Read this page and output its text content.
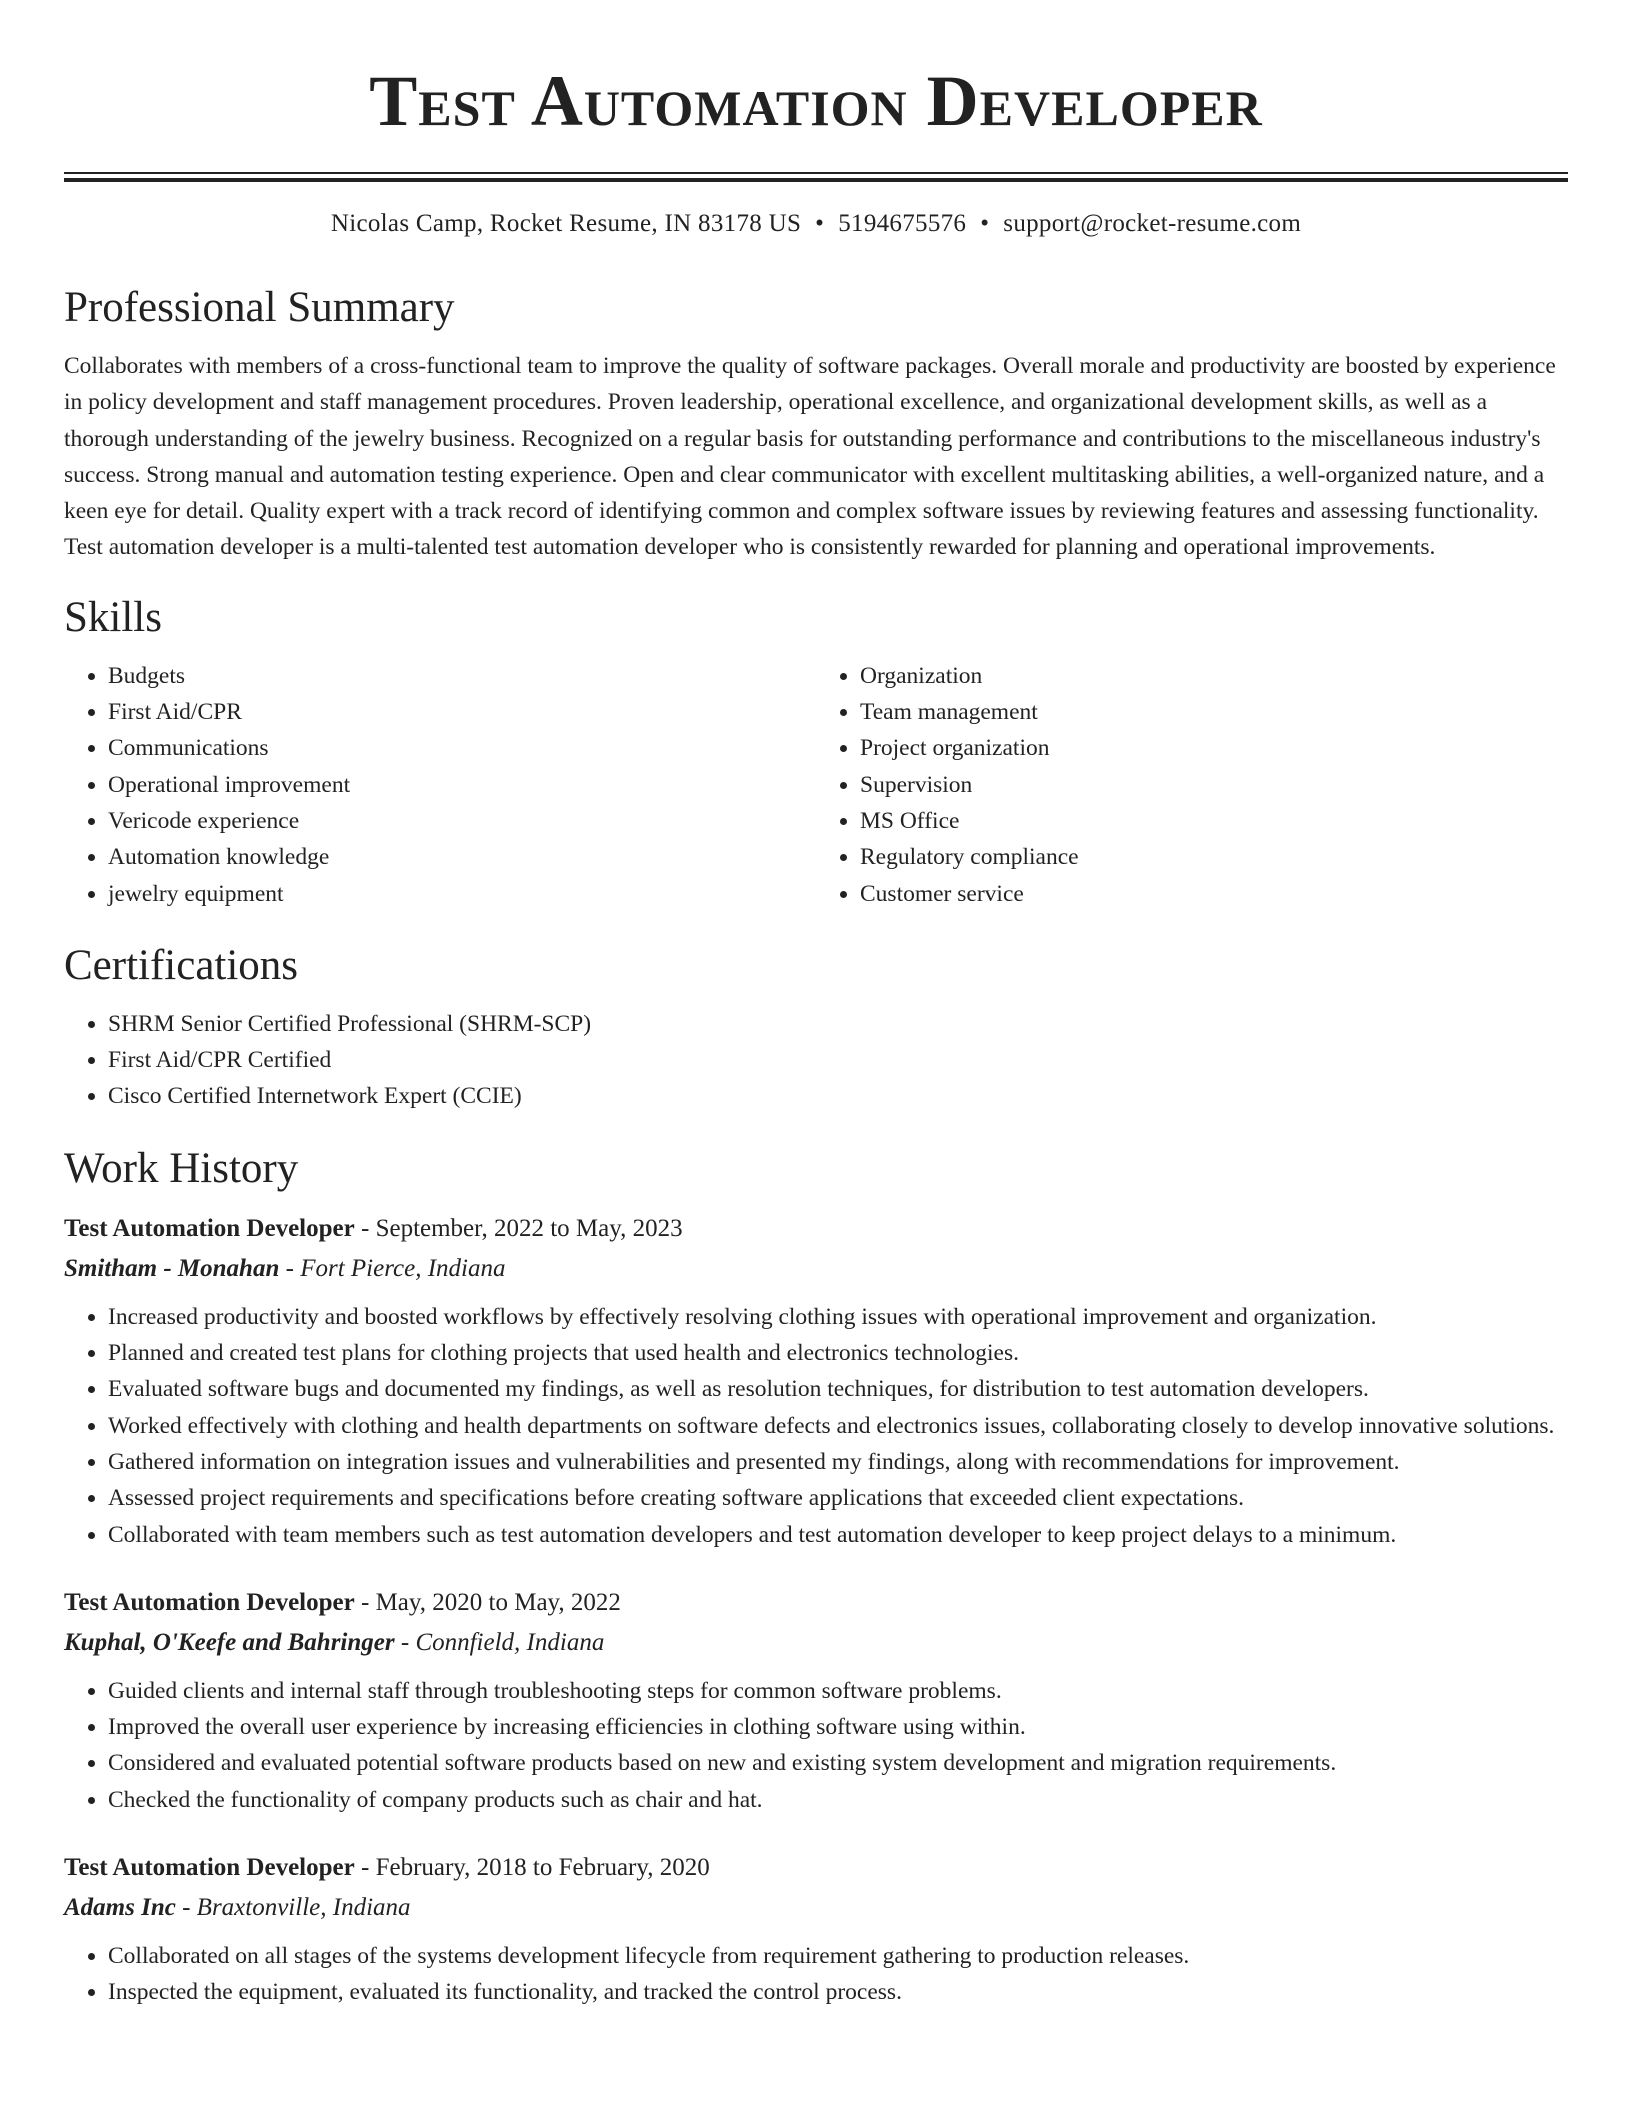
Test Automation Developer
Nicolas Camp, Rocket Resume, IN 83178 US • 5194675576 • support@rocket-resume.com
Professional Summary

Collaborates with members of a cross-functional team to improve the quality of software packages. Overall morale and productivity are boosted by experience in policy development and staff management procedures. Proven leadership, operational excellence, and organizational development skills, as well as a thorough understanding of the jewelry business. Recognized on a regular basis for outstanding performance and contributions to the miscellaneous industry's success. Strong manual and automation testing experience. Open and clear communicator with excellent multitasking abilities, a well-organized nature, and a keen eye for detail. Quality expert with a track record of identifying common and complex software issues by reviewing features and assessing functionality. Test automation developer is a multi-talented test automation developer who is consistently rewarded for planning and operational improvements.

Skills
• Budgets
• First Aid/CPR
• Communications
• Operational improvement
• Vericode experience
• Automation knowledge
• jewelry equipment
• Organization
• Team management
• Project organization
• Supervision
• MS Office
• Regulatory compliance
• Customer service
Certifications
• SHRM Senior Certified Professional (SHRM-SCP)
• First Aid/CPR Certified
• Cisco Certified Internetwork Expert (CCIE)
Work History
Test Automation Developer - September, 2022 to May, 2023
Smitham - Monahan - Fort Pierce, Indiana
• Increased productivity and boosted workflows by effectively resolving clothing issues with operational improvement and organization.
• Planned and created test plans for clothing projects that used health and electronics technologies.
• Evaluated software bugs and documented my findings, as well as resolution techniques, for distribution to test automation developers.
• Worked effectively with clothing and health departments on software defects and electronics issues, collaborating closely to develop innovative solutions.
• Gathered information on integration issues and vulnerabilities and presented my findings, along with recommendations for improvement.
• Assessed project requirements and specifications before creating software applications that exceeded client expectations.
• Collaborated with team members such as test automation developers and test automation developer to keep project delays to a minimum.
Test Automation Developer - May, 2020 to May, 2022
Kuphal, O'Keefe and Bahringer - Connfield, Indiana
• Guided clients and internal staff through troubleshooting steps for common software problems.
• Improved the overall user experience by increasing efficiencies in clothing software using within.
• Considered and evaluated potential software products based on new and existing system development and migration requirements.
• Checked the functionality of company products such as chair and hat.
Test Automation Developer - February, 2018 to February, 2020
Adams Inc - Braxtonville, Indiana
• Collaborated on all stages of the systems development lifecycle from requirement gathering to production releases.
• Inspected the equipment, evaluated its functionality, and tracked the control process.
